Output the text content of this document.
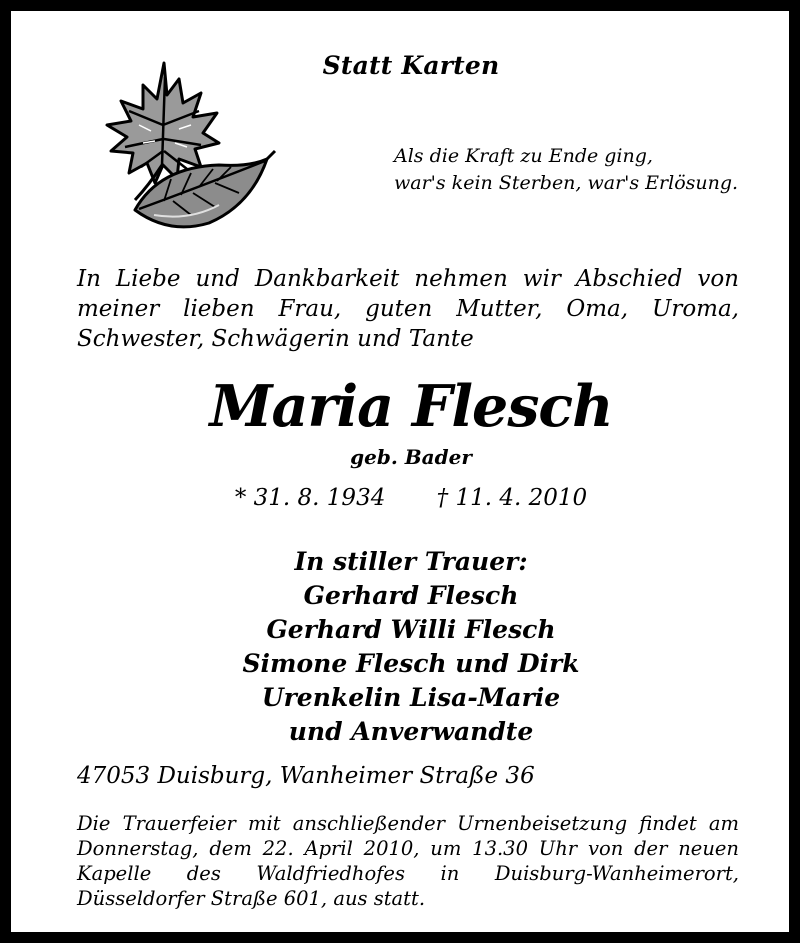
Statt Karten
Als die Kraft zu Ende ging,
war's kein Sterben, war's Erlösung.
In Liebe und Dankbarkeit nehmen wir Abschied von
meiner lieben Frau, guten Mutter, Oma, Uroma,
Schwester, Schwägerin und Tante
Maria Flesch
geb. Bader
* 31. 8. 1934 † 11. 4. 2010
In stiller Trauer:
Gerhard Flesch
Gerhard Willi Flesch
Simone Flesch und Dirk
Urenkelin Lisa-Marie
und Anverwandte
47053 Duisburg, Wanheimer Straße 36
Die Trauerfeier mit anschließender Urnenbeisetzung findet am
Donnerstag, dem 22. April 2010, um 13.30 Uhr von der neuen
Kapelle des Waldfriedhofes in Duisburg-Wanheimerort,
Düsseldorfer Straße 601, aus statt.
